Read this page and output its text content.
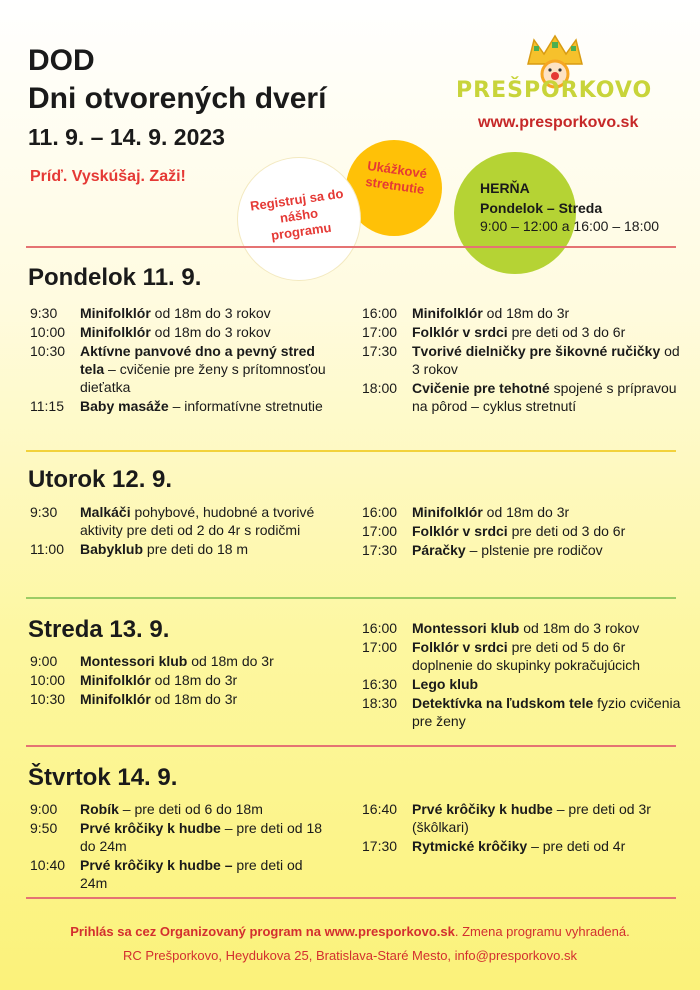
DOD
Dni otvorených dverí
11. 9. – 14. 9. 2023
Príď. Vyskúšaj. Zaži!
PREŠPORKOVO
www.presporkovo.sk
Ukážkové stretnutie
Registruj sa do nášho programu
HERŇA
Pondelok – Streda
9:00 – 12:00 a 16:00 – 18:00
Pondelok 11. 9.
Utorok 12. 9.
Streda 13. 9.
Štvrtok 14. 9.
9:30	Minifolklór od 18m do 3 rokov
10:00	Minifolklór od 18m do 3 rokov
10:30	Aktívne panvové dno a pevný stred tela – cvičenie pre ženy s prítomnosťou dieťatka
11:15	Baby masáže – informatívne stretnutie
16:00	Minifolklór od 18m do 3r
17:00	Folklór v srdci pre deti od 3 do 6r
17:30	Tvorivé dielničky pre šikovné ručičky od 3 rokov
18:00	Cvičenie pre tehotné spojené s prípravou na pôrod – cyklus stretnutí
9:30	Malkáči pohybové, hudobné a tvorivé aktivity pre deti od 2 do 4r s rodičmi
11:00	Babyklub pre deti do 18 m
16:00	Minifolklór od 18m do 3r
17:00	Folklór v srdci pre deti od 3 do 6r
17:30	Páračky – plstenie pre rodičov
9:00	Montessori klub od 18m do 3r
10:00	Minifolklór od 18m do 3r
10:30	Minifolklór od 18m do 3r
16:00	Montessori klub od 18m do 3 rokov
17:00	Folklór v srdci pre deti od 5 do 6r doplnenie do skupinky pokračujúcich
16:30	Lego klub
18:30	Detektívka na ľudskom tele fyzio cvičenia pre ženy
9:00	Robík – pre deti od 6 do 18m
9:50	Prvé krôčiky k hudbe – pre deti od 18 do 24m
10:40	Prvé krôčiky k hudbe – pre deti od 24m
16:40	Prvé krôčiky k hudbe – pre deti od 3r (škôlkari)
17:30	Rytmické krôčiky – pre deti od 4r
Prihlás sa cez Organizovaný program na www.presporkovo.sk. Zmena programu vyhradená.
RC Prešporkovo, Heydukova 25, Bratislava-Staré Mesto, info@presporkovo.sk
